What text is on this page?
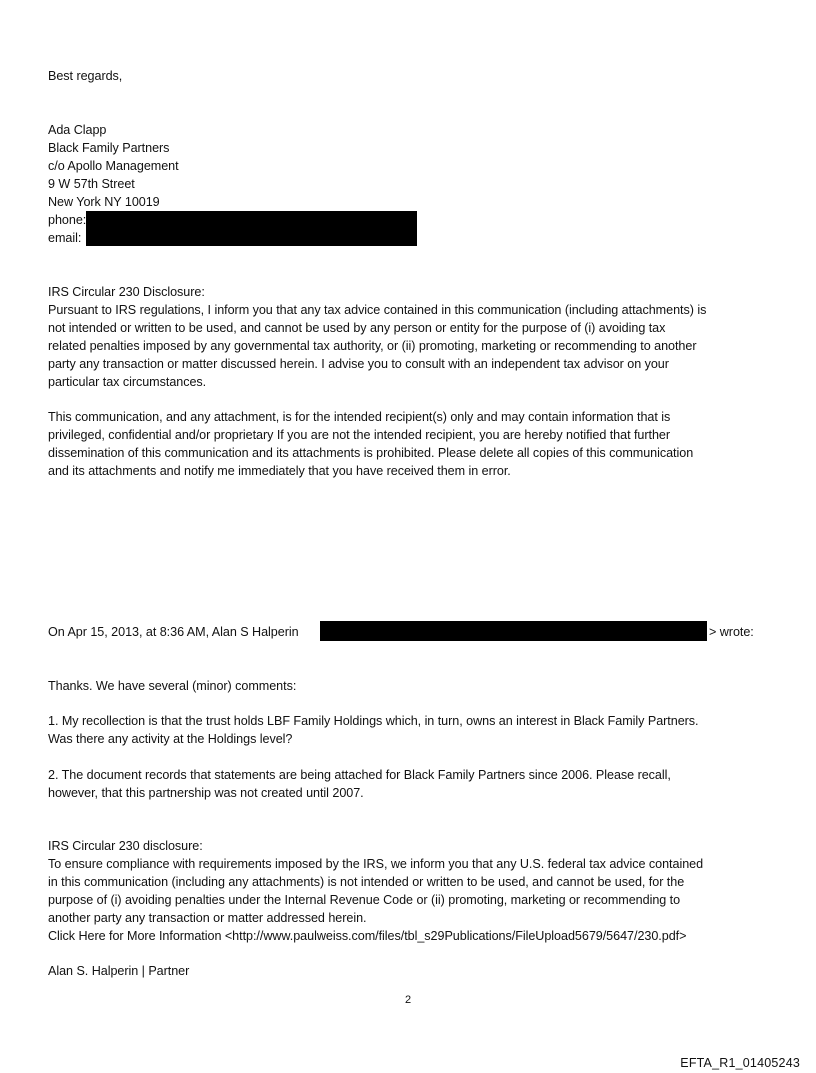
Best regards,
Ada Clapp
Black Family Partners
c/o Apollo Management
9 W 57th Street
New York NY 10019
phone:
email:
IRS Circular 230 Disclosure:
Pursuant to IRS regulations, I inform you that any tax advice contained in this communication (including attachments) is
not intended or written to be used, and cannot be used by any person or entity for the purpose of (i) avoiding tax
related penalties imposed by any governmental tax authority, or (ii) promoting, marketing or recommending to another
party any transaction or matter discussed herein. I advise you to consult with an independent tax advisor on your
particular tax circumstances.
This communication, and any attachment, is for the intended recipient(s) only and may contain information that is
privileged, confidential and/or proprietary If you are not the intended recipient, you are hereby notified that further
dissemination of this communication and its attachments is prohibited. Please delete all copies of this communication
and its attachments and notify me immediately that you have received them in error.
On Apr 15, 2013, at 8:36 AM, Alan S Halperin	> wrote:
Thanks. We have several (minor) comments:
1. My recollection is that the trust holds LBF Family Holdings which, in turn, owns an interest in Black Family Partners.
Was there any activity at the Holdings level?
2. The document records that statements are being attached for Black Family Partners since 2006. Please recall,
however, that this partnership was not created until 2007.
IRS Circular 230 disclosure:
To ensure compliance with requirements imposed by the IRS, we inform you that any U.S. federal tax advice contained
in this communication (including any attachments) is not intended or written to be used, and cannot be used, for the
purpose of (i) avoiding penalties under the Internal Revenue Code or (ii) promoting, marketing or recommending to
another party any transaction or matter addressed herein.
Click Here for More Information <http://www.paulweiss.com/files/tbl_s29Publications/FileUpload5679/5647/230.pdf>
Alan S. Halperin | Partner
2
EFTA_R1_01405243
